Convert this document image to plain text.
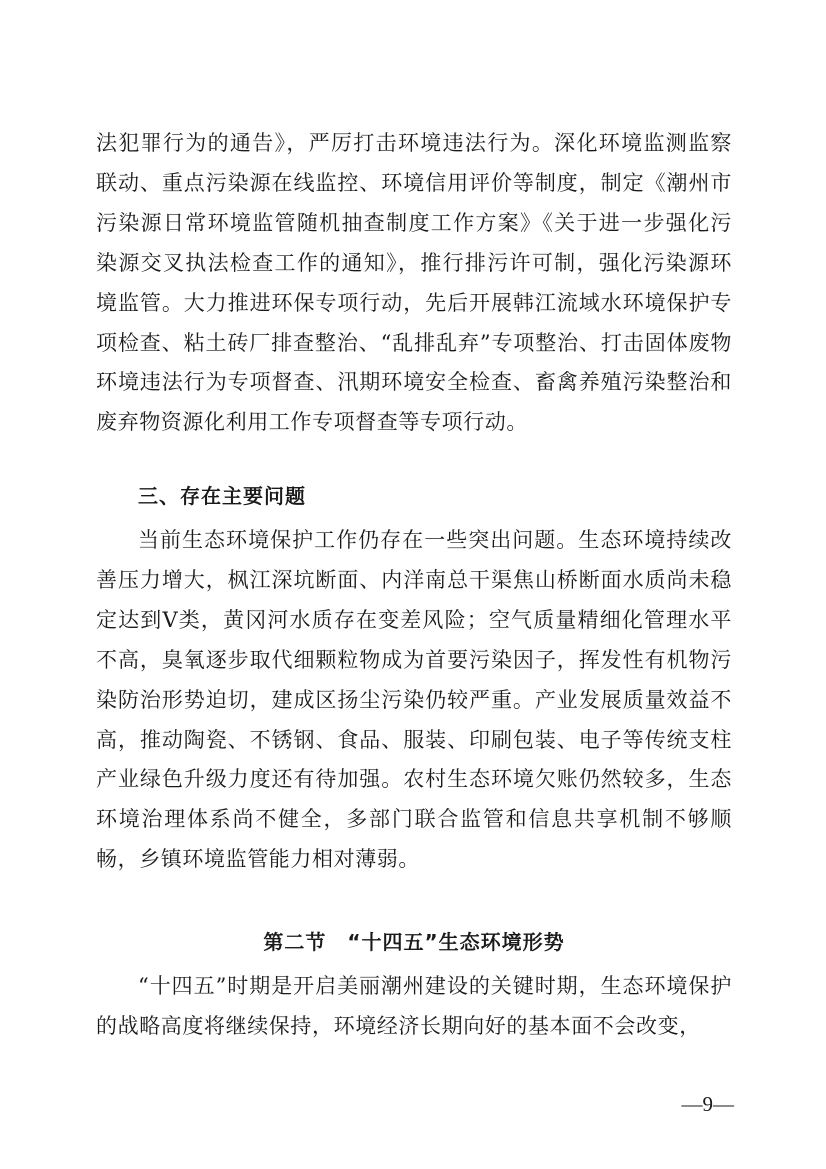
法犯罪行为的通告》，严厉打击环境违法行为。深化环境监测监察联动、重点污染源在线监控、环境信用评价等制度，制定《潮州市污染源日常环境监管随机抽查制度工作方案》《关于进一步强化污染源交叉执法检查工作的通知》，推行排污许可制，强化污染源环境监管。大力推进环保专项行动，先后开展韩江流域水环境保护专项检查、粘土砖厂排查整治、“乱排乱弃”专项整治、打击固体废物环境违法行为专项督查、汛期环境安全检查、畜禽养殖污染整治和废弃物资源化利用工作专项督查等专项行动。
三、存在主要问题
当前生态环境保护工作仍存在一些突出问题。生态环境持续改善压力增大，枫江深坑断面、内洋南总干渠焦山桥断面水质尚未稳定达到Ⅴ类，黄冈河水质存在变差风险；空气质量精细化管理水平不高，臭氧逐步取代细颗粒物成为首要污染因子，挥发性有机物污染防治形势迫切，建成区扬尘污染仍较严重。产业发展质量效益不高，推动陶瓷、不锈钢、食品、服装、印刷包装、电子等传统支柱产业绿色升级力度还有待加强。农村生态环境欠账仍然较多，生态环境治理体系尚不健全，多部门联合监管和信息共享机制不够顺畅，乡镇环境监管能力相对薄弱。
第二节　“十四五”生态环境形势
“十四五”时期是开启美丽潮州建设的关键时期，生态环境保护的战略高度将继续保持，环境经济长期向好的基本面不会改变，
—9—
